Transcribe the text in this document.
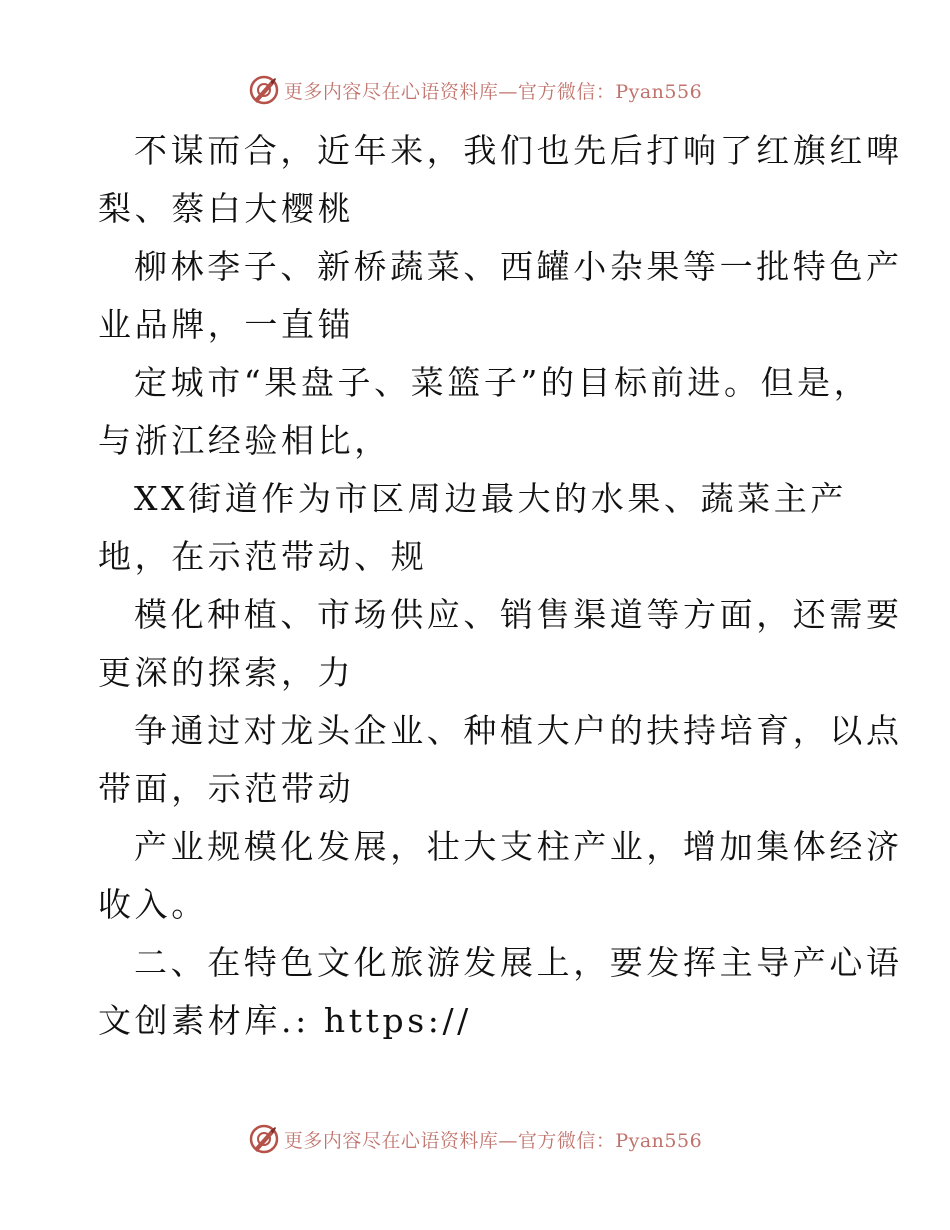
更多内容尽在心语资料库—官方微信：Pyan556
不谋而合，近年来，我们也先后打响了红旗红啤
梨、蔡白大樱桃
柳林李子、新桥蔬菜、西罐小杂果等一批特色产
业品牌，一直锚
定城市“果盘子、菜篮子”的目标前进。但是，
与浙江经验相比，
XX街道作为市区周边最大的水果、蔬菜主产
地，在示范带动、规
模化种植、市场供应、销售渠道等方面，还需要
更深的探索，力
争通过对龙头企业、种植大户的扶持培育，以点
带面，示范带动
产业规模化发展，壮大支柱产业，增加集体经济
收入。
二、在特色文化旅游发展上，要发挥主导产心语
文创素材库.: https://
更多内容尽在心语资料库—官方微信：Pyan556
